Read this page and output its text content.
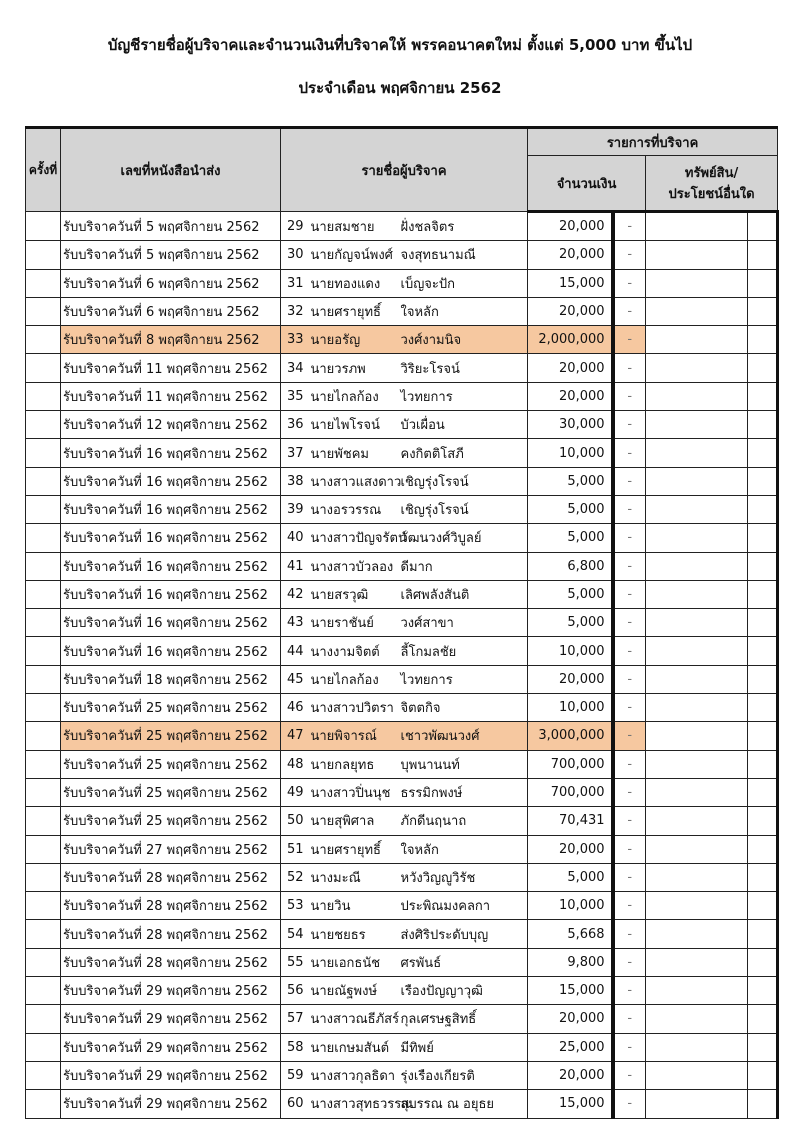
บัญชีรายชื่อผู้บริจาคและจำนวนเงินที่บริจาคให้ พรรคอนาคตใหม่ ตั้งแต่ 5,000 บาท ขึ้นไป
ประจำเดือน พฤศจิกายน 2562
ครั้งที่	เลขที่หนังสือนำส่ง	รายชื่อผู้บริจาค			รายการที่บริจาค			
					จำนวนเงิน		ทรัพย์สิน/
ประโยชน์อื่นใด	

	รับบริจาควันที่ 5 พฤศจิกายน 2562	29	นายสมชาย	ฝั่งชลจิตร	20,000	-		
	รับบริจาควันที่ 5 พฤศจิกายน 2562	30	นายกัญจน์พงศ์	จงสุทธนามณี	20,000	-		
	รับบริจาควันที่ 6 พฤศจิกายน 2562	31	นายทองแดง	เบ็ญจะปัก	15,000	-		
	รับบริจาควันที่ 6 พฤศจิกายน 2562	32	นายศรายุทธิ์	ใจหลัก	20,000	-		
	รับบริจาควันที่ 8 พฤศจิกายน 2562	33	นายอรัญ	วงศ์งามนิจ	2,000,000	-		
	รับบริจาควันที่ 11 พฤศจิกายน 2562	34	นายวรภพ	วิริยะโรจน์	20,000	-		
	รับบริจาควันที่ 11 พฤศจิกายน 2562	35	นายไกลก้อง	ไวทยการ	20,000	-		
	รับบริจาควันที่ 12 พฤศจิกายน 2562	36	นายไพโรจน์	บัวเผื่อน	30,000	-		
	รับบริจาควันที่ 16 พฤศจิกายน 2562	37	นายพัชคม	คงกิตติโสภี	10,000	-		
	รับบริจาควันที่ 16 พฤศจิกายน 2562	38	นางสาวแสงดาว	เชิญรุ่งโรจน์	5,000	-		
	รับบริจาควันที่ 16 พฤศจิกายน 2562	39	นางอรวรรณ	เชิญรุ่งโรจน์	5,000	-		
	รับบริจาควันที่ 16 พฤศจิกายน 2562	40	นางสาวปัญจรัตน์	วัฒนวงศ์วิบูลย์	5,000	-		
	รับบริจาควันที่ 16 พฤศจิกายน 2562	41	นางสาวบัวลอง	ดีมาก	6,800	-		
	รับบริจาควันที่ 16 พฤศจิกายน 2562	42	นายสรวุฒิ	เลิศพลังสันติ	5,000	-		
	รับบริจาควันที่ 16 พฤศจิกายน 2562	43	นายราชันย์	วงศ์สาขา	5,000	-		
	รับบริจาควันที่ 16 พฤศจิกายน 2562	44	นางงามจิตต์	ลี้โกมลชัย	10,000	-		
	รับบริจาควันที่ 18 พฤศจิกายน 2562	45	นายไกลก้อง	ไวทยการ	20,000	-		
	รับบริจาควันที่ 25 พฤศจิกายน 2562	46	นางสาวปวิตรา	จิตตกิจ	10,000	-		
	รับบริจาควันที่ 25 พฤศจิกายน 2562	47	นายพิจารณ์	เชาวพัฒนวงศ์	3,000,000	-		
	รับบริจาควันที่ 25 พฤศจิกายน 2562	48	นายกลยุทธ	บุพนานนท์	700,000	-		
	รับบริจาควันที่ 25 พฤศจิกายน 2562	49	นางสาวปิ่นนุช	ธรรมิกพงษ์	700,000	-		
	รับบริจาควันที่ 25 พฤศจิกายน 2562	50	นายสุพิศาล	ภักดีนฤนาถ	70,431	-		
	รับบริจาควันที่ 27 พฤศจิกายน 2562	51	นายศรายุทธิ์	ใจหลัก	20,000	-		
	รับบริจาควันที่ 28 พฤศจิกายน 2562	52	นางมะณี	หวังวิญญูวิรัช	5,000	-		
	รับบริจาควันที่ 28 พฤศจิกายน 2562	53	นายวิน	ประพิณมงคลกา	10,000	-		
	รับบริจาควันที่ 28 พฤศจิกายน 2562	54	นายชยธร	ส่งศิริประดับบุญ	5,668	-		
	รับบริจาควันที่ 28 พฤศจิกายน 2562	55	นายเอกธนัช	ศรพันธ์	9,800	-		
	รับบริจาควันที่ 29 พฤศจิกายน 2562	56	นายณัฐพงษ์	เรืองปัญญาวุฒิ	15,000	-		
	รับบริจาควันที่ 29 พฤศจิกายน 2562	57	นางสาวณธีภัสร์	กุลเศรษฐสิทธิ์	20,000	-		
	รับบริจาควันที่ 29 พฤศจิกายน 2562	58	นายเกษมสันต์	มีทิพย์	25,000	-		
	รับบริจาควันที่ 29 พฤศจิกายน 2562	59	นางสาวกุลธิดา	รุ่งเรืองเกียรติ	20,000	-		
	รับบริจาควันที่ 29 พฤศจิกายน 2562	60	นางสาวสุทธวรรณ	สุบรรณ ณ อยุธย	15,000	-		
